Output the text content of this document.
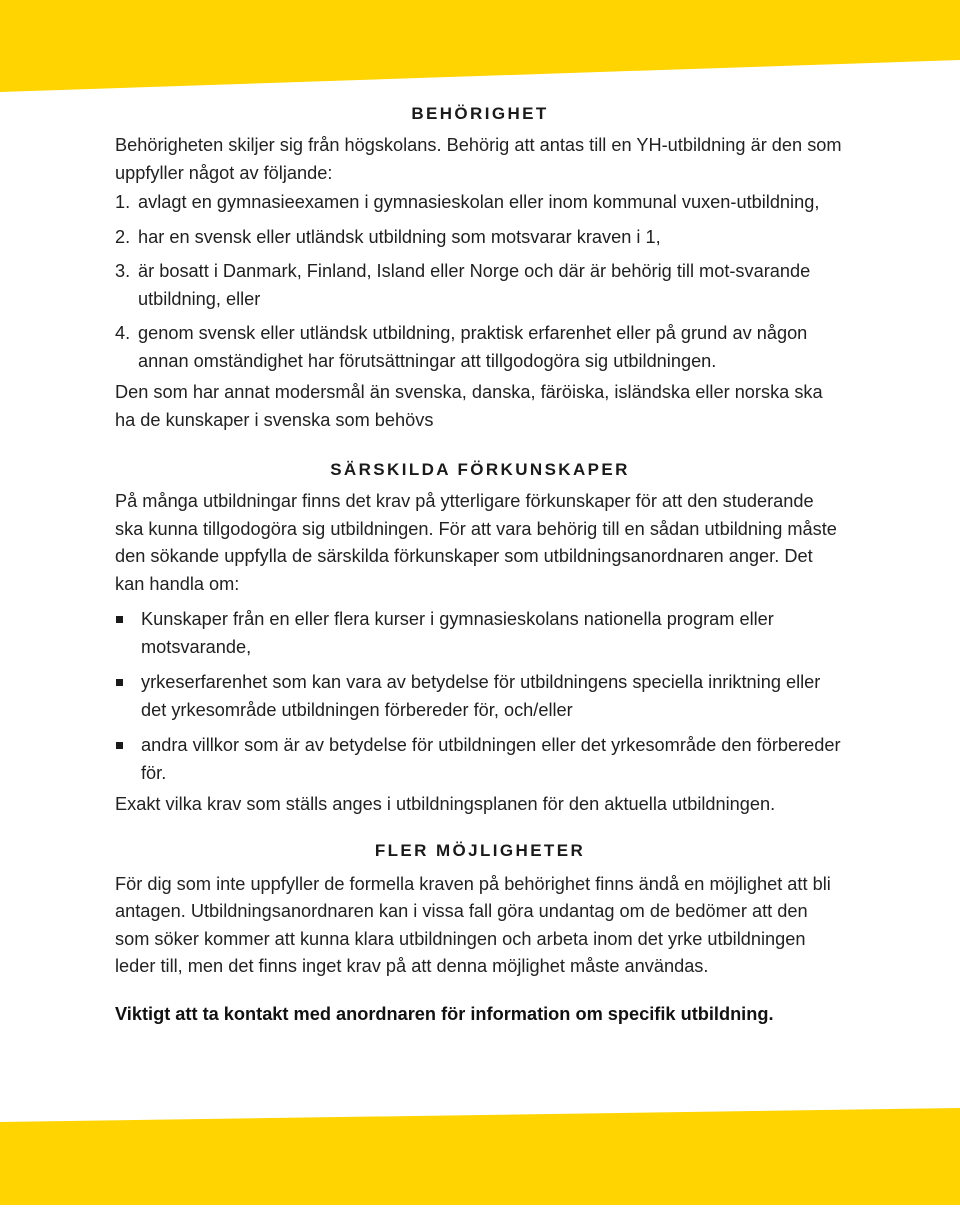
BEHÖRIGHET

Behörigheten skiljer sig från högskolans. Behörig att antas till en YH-utbildning är den som uppfyller något av följande:

1. avlagt en gymnasieexamen i gymnasieskolan eller inom kommunal vuxen-utbildning,
2. har en svensk eller utländsk utbildning som motsvarar kraven i 1,
3. är bosatt i Danmark, Finland, Island eller Norge och där är behörig till mot-svarande utbildning, eller
4. genom svensk eller utländsk utbildning, praktisk erfarenhet eller på grund av någon annan omständighet har förutsättningar att tillgodogöra sig utbildningen.

Den som har annat modersmål än svenska, danska, färöiska, isländska eller norska ska ha de kunskaper i svenska som behövs

SÄRSKILDA FÖRKUNSKAPER

På många utbildningar finns det krav på ytterligare förkunskaper för att den studerande ska kunna tillgodogöra sig utbildningen. För att vara behörig till en sådan utbildning måste den sökande uppfylla de särskilda förkunskaper som utbildningsanordnaren anger. Det kan handla om:

Kunskaper från en eller flera kurser i gymnasieskolans nationella program eller motsvarande,
yrkeserfarenhet som kan vara av betydelse för utbildningens speciella inriktning eller det yrkesområde utbildningen förbereder för, och/eller
andra villkor som är av betydelse för utbildningen eller det yrkesområde den förbereder för.

Exakt vilka krav som ställs anges i utbildningsplanen för den aktuella utbildningen.

FLER MÖJLIGHETER

För dig som inte uppfyller de formella kraven på behörighet finns ändå en möjlighet att bli antagen. Utbildningsanordnaren kan i vissa fall göra undantag om de bedömer att den som söker kommer att kunna klara utbildningen och arbeta inom det yrke utbildningen leder till, men det finns inget krav på att denna möjlighet måste användas.

Viktigt att ta kontakt med anordnaren för information om specifik utbildning.
